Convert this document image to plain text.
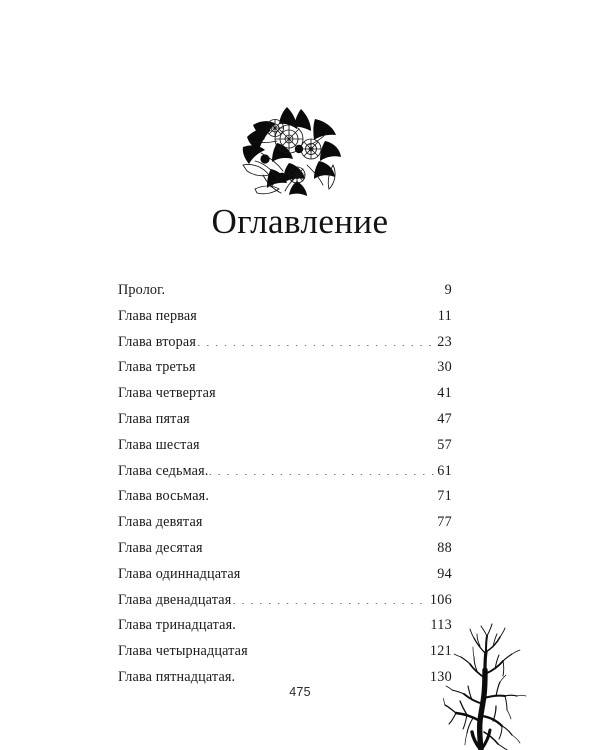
Оглавление
Пролог. . . .	9
Глава первая . . .	11
Глава вторая . . .	23
Глава третья . . .	30
Глава четвертая . . .	41
Глава пятая . . .	47
Глава шестая . . .	57
Глава седьмая. . . .	61
Глава восьмая. . . .	71
Глава девятая . . .	77
Глава десятая . . .	88
Глава одиннадцатая . . .	94
Глава двенадцатая . . .	106
Глава тринадцатая. . . .	113
Глава четырнадцатая . . .	121
Глава пятнадцатая. . . .	130
475
